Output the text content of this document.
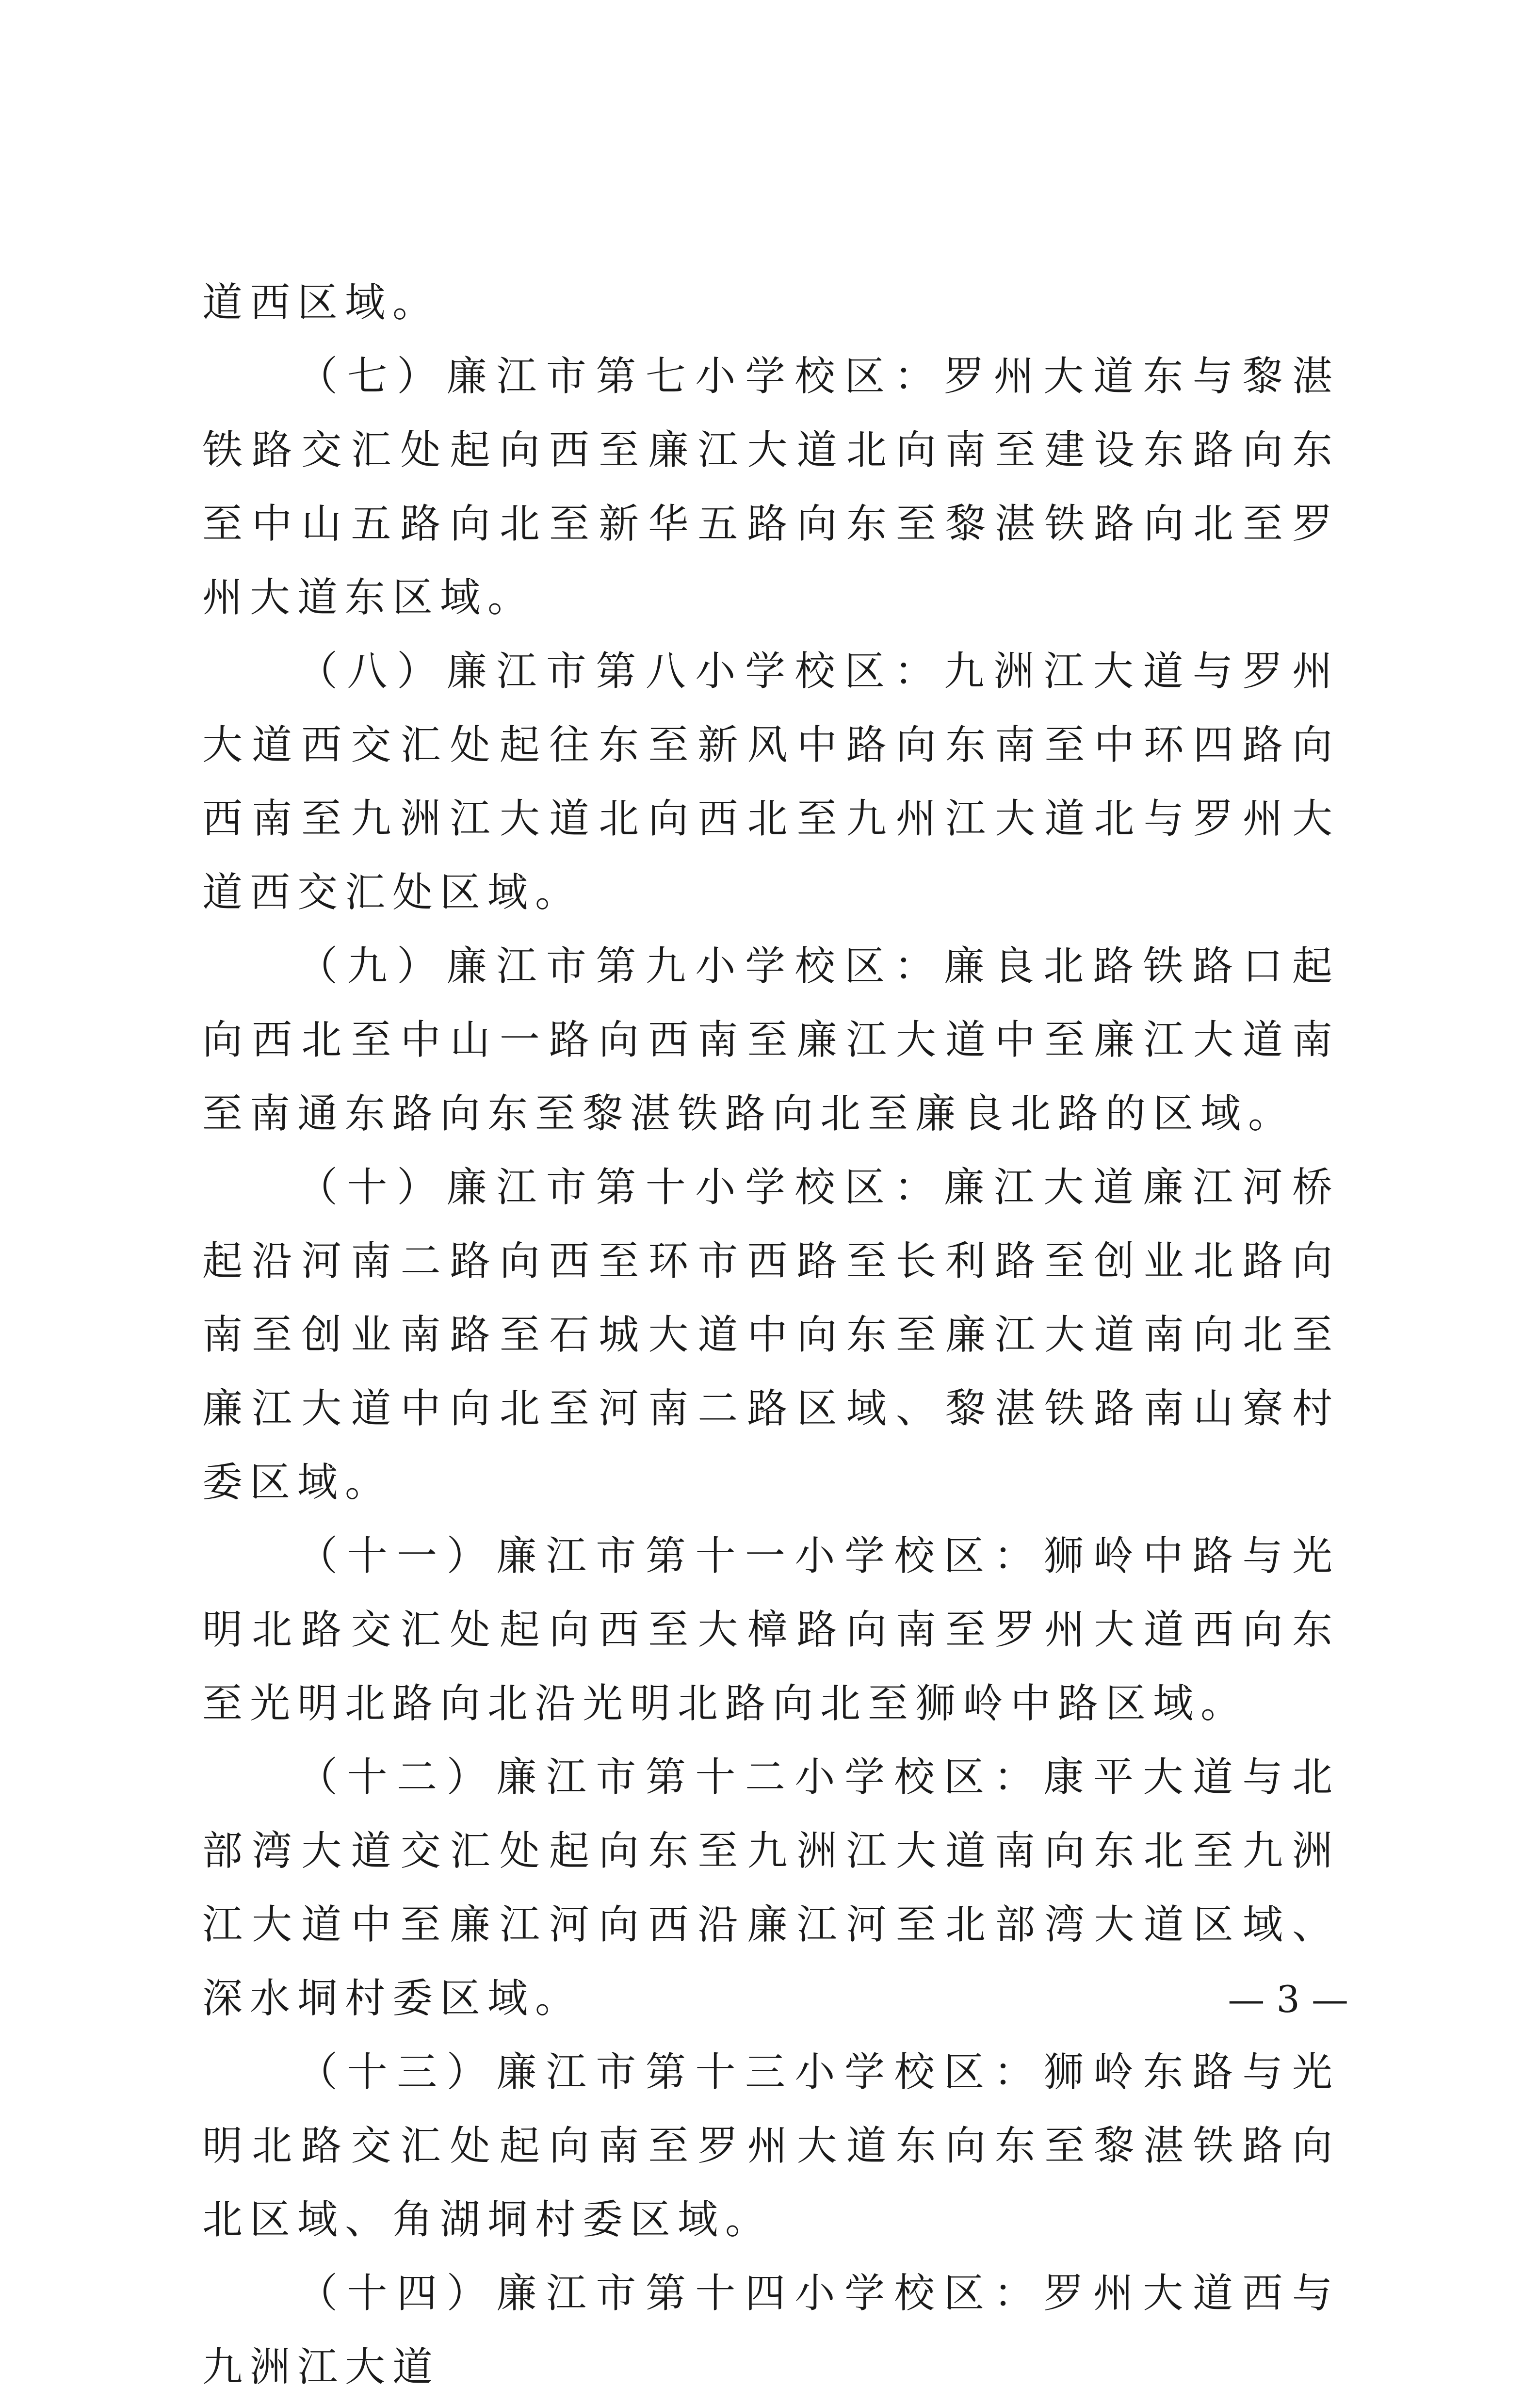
道西区域。

（七）廉江市第七小学校区：罗州大道东与黎湛铁路交汇处起向西至廉江大道北向南至建设东路向东至中山五路向北至新华五路向东至黎湛铁路向北至罗州大道东区域。

（八）廉江市第八小学校区：九洲江大道与罗州大道西交汇处起往东至新风中路向东南至中环四路向西南至九洲江大道北向西北至九州江大道北与罗州大道西交汇处区域。

（九）廉江市第九小学校区：廉良北路铁路口起向西北至中山一路向西南至廉江大道中至廉江大道南至南通东路向东至黎湛铁路向北至廉良北路的区域。

（十）廉江市第十小学校区：廉江大道廉江河桥起沿河南二路向西至环市西路至长利路至创业北路向南至创业南路至石城大道中向东至廉江大道南向北至廉江大道中向北至河南二路区域、黎湛铁路南山寮村委区域。

（十一）廉江市第十一小学校区：狮岭中路与光明北路交汇处起向西至大樟路向南至罗州大道西向东至光明北路向北沿光明北路向北至狮岭中路区域。

（十二）廉江市第十二小学校区：康平大道与北部湾大道交汇处起向东至九洲江大道南向东北至九洲江大道中至廉江河向西沿廉江河至北部湾大道区域、深水垌村委区域。

（十三）廉江市第十三小学校区：狮岭东路与光明北路交汇处起向南至罗州大道东向东至黎湛铁路向北区域、角湖垌村委区域。

（十四）廉江市第十四小学校区：罗州大道西与九洲江大道

— 3 —
